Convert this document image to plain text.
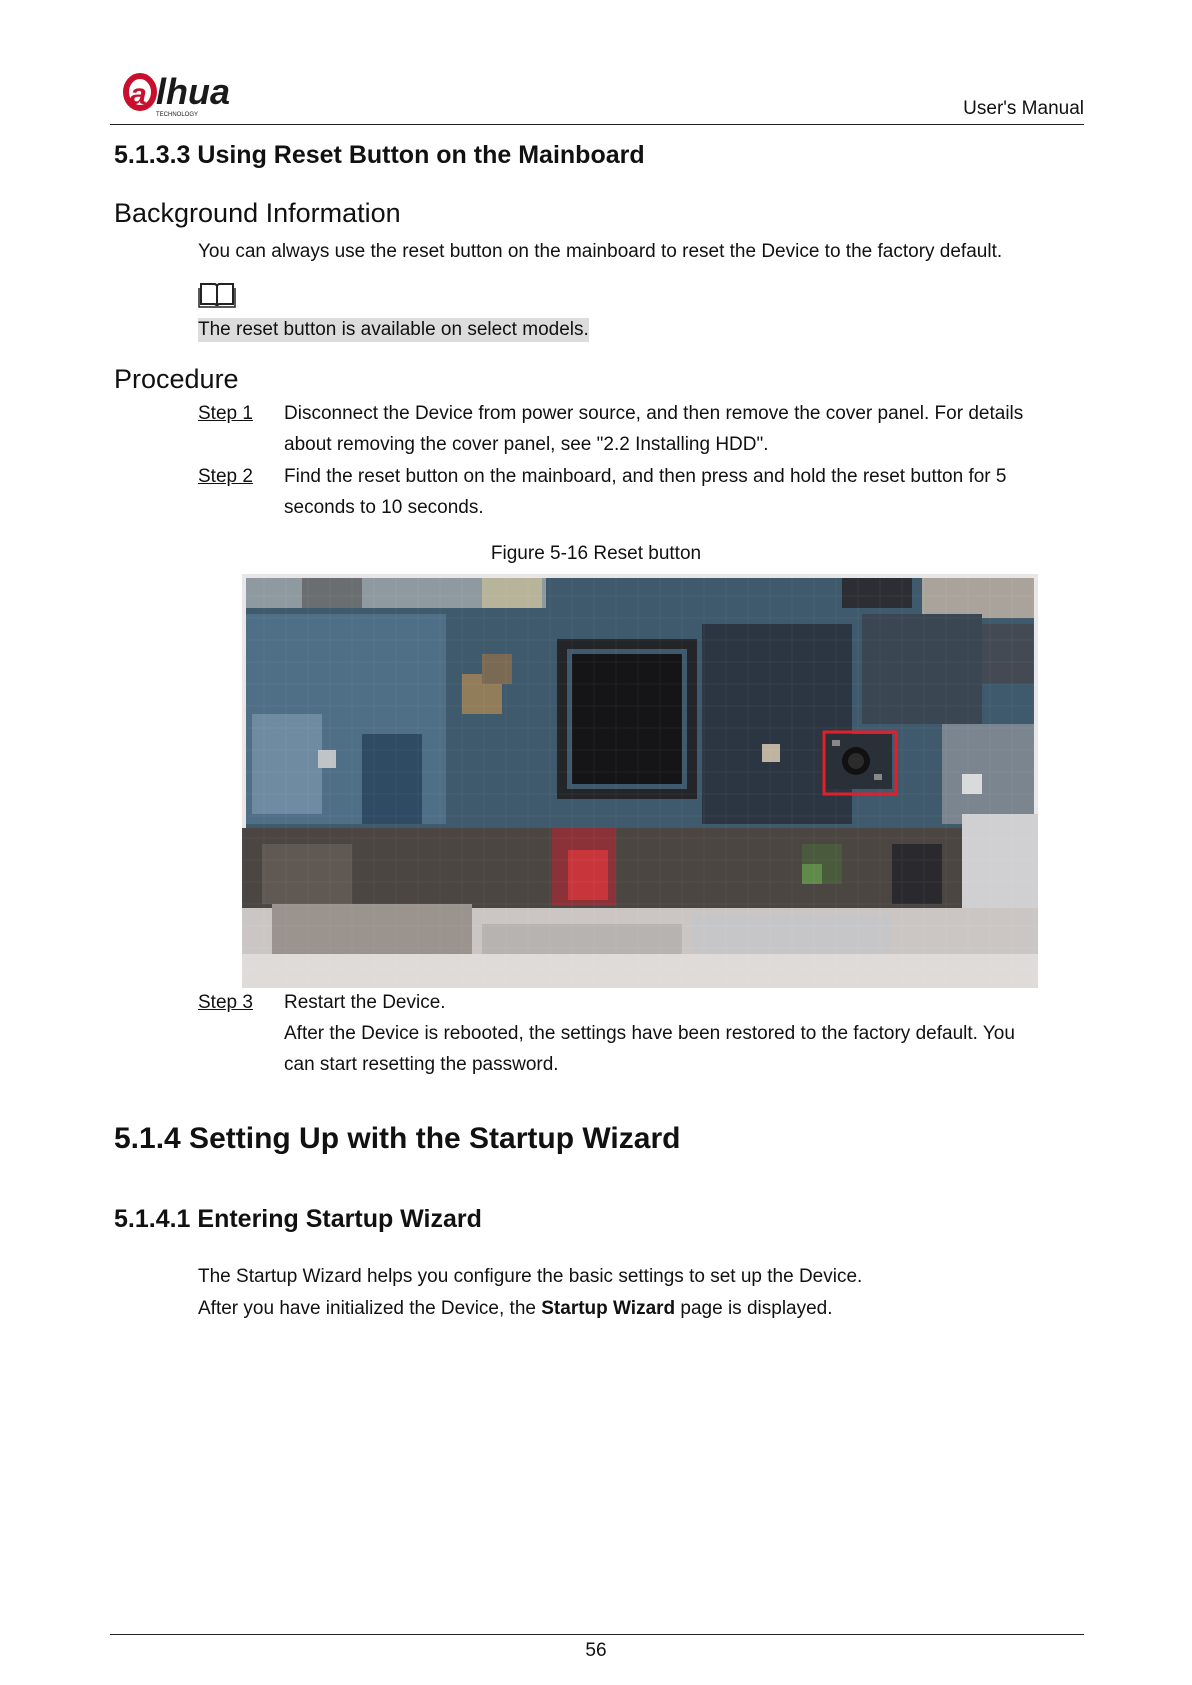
a lhua
TECHNOLOGY	User's Manual
5.1.3.3 Using Reset Button on the Mainboard
Background Information
You can always use the reset button on the mainboard to reset the Device to the factory default.
The reset button is available on select models.
Procedure
Step 1 Disconnect the Device from power source, and then remove the cover panel. For details
about removing the cover panel, see "2.2 Installing HDD".
Step 2 Find the reset button on the mainboard, and then press and hold the reset button for 5
seconds to 10 seconds.
Figure 5-16 Reset button
Step 3 Restart the Device.
After the Device is rebooted, the settings have been restored to the factory default. You
can start resetting the password.
5.1.4 Setting Up with the Startup Wizard
5.1.4.1 Entering Startup Wizard
The Startup Wizard helps you configure the basic settings to set up the Device.
After you have initialized the Device, the Startup Wizard page is displayed.
56
